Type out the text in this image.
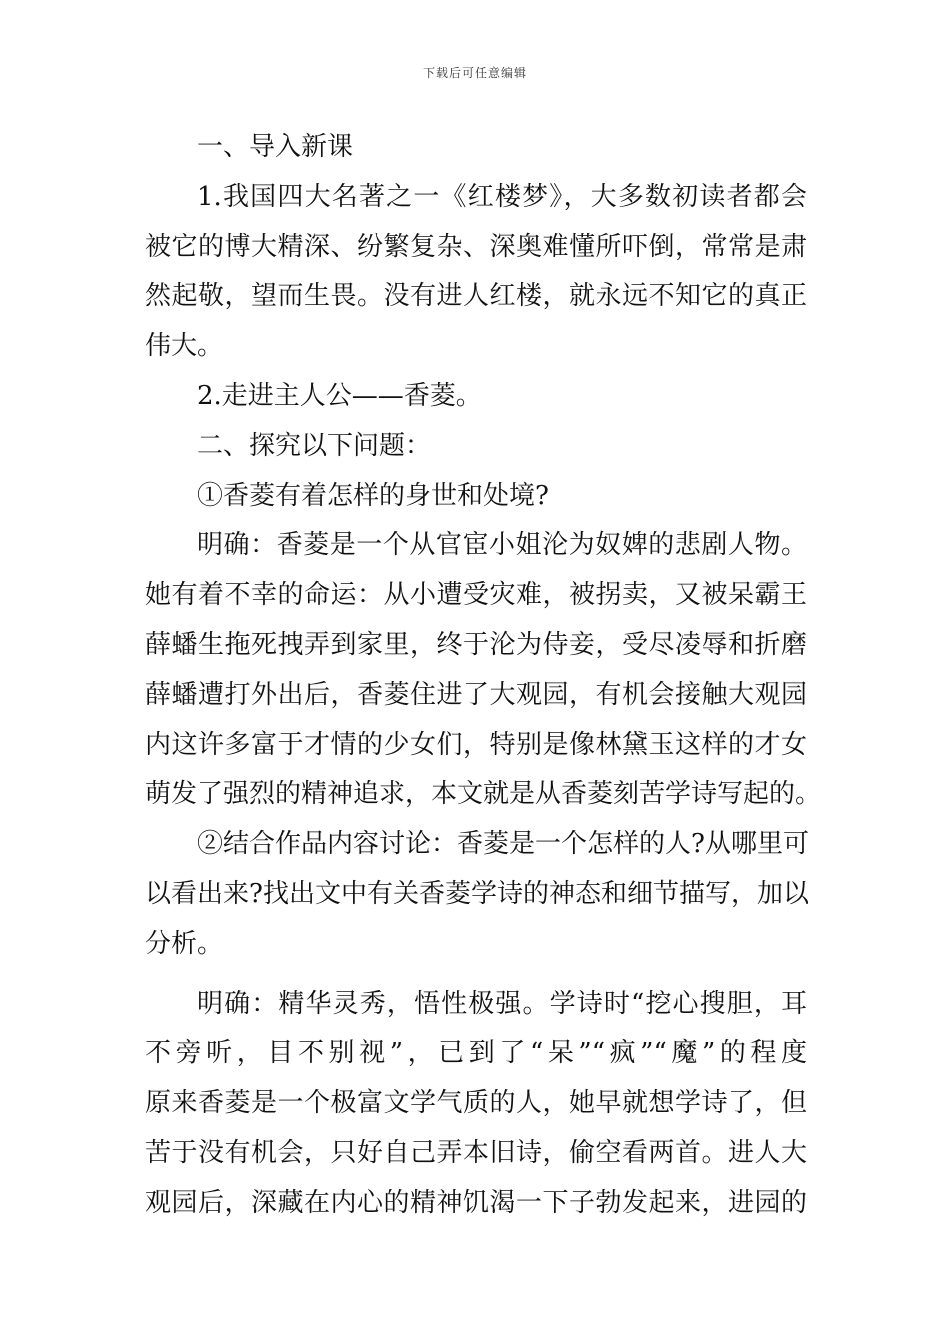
下载后可任意编辑
一、导入新课
1.我国四大名著之一《红楼梦》，大多数初读者都会
被它的博大精深、纷繁复杂、深奥难懂所吓倒，常常是肃
然起敬，望而生畏。没有进人红楼，就永远不知它的真正
伟大。
2.走进主人公——香菱。
二、探究以下问题：
①香菱有着怎样的身世和处境?
明确：香菱是一个从官宦小姐沦为奴婢的悲剧人物。
她有着不幸的命运：从小遭受灾难，被拐卖，又被呆霸王
薛蟠生拖死拽弄到家里，终于沦为侍妾，受尽凌辱和折磨
薛蟠遭打外出后，香菱住进了大观园，有机会接触大观园
内这许多富于才情的少女们，特别是像林黛玉这样的才女
萌发了强烈的精神追求，本文就是从香菱刻苦学诗写起的。
②结合作品内容讨论：香菱是一个怎样的人?从哪里可
以看出来?找出文中有关香菱学诗的神态和细节描写，加以
分析。
明确：精华灵秀，悟性极强。学诗时“挖心搜胆，耳
不旁听，目不别视”，已到了“呆”“疯”“魔”的程度
原来香菱是一个极富文学气质的人，她早就想学诗了，但
苦于没有机会，只好自己弄本旧诗，偷空看两首。进人大
观园后，深藏在内心的精神饥渴一下子勃发起来，进园的
